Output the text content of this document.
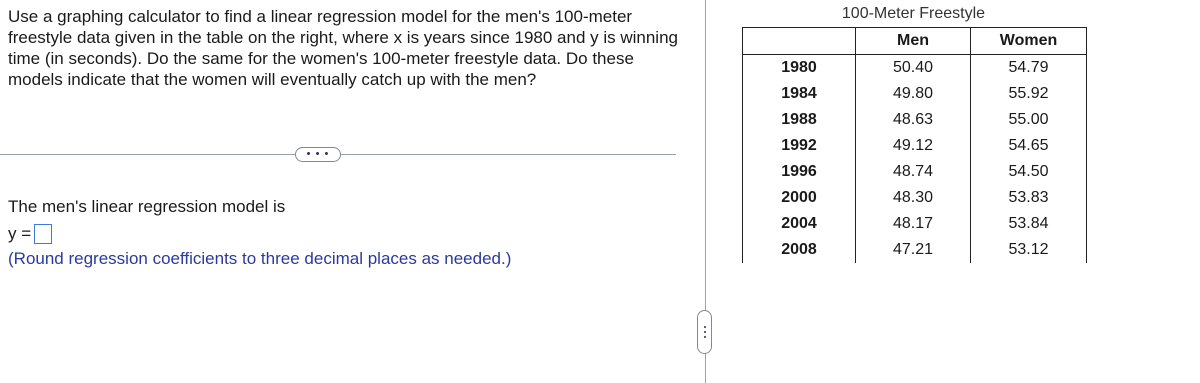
Use a graphing calculator to find a linear regression model for the men's 100-meter freestyle data given in the table on the right, where x is years since 1980 and y is winning time (in seconds). Do the same for the women's 100-meter freestyle data. Do these models indicate that the women will eventually catch up with the men?
• • •
The men's linear regression model is
y =
(Round regression coefficients to three decimal places as needed.)
100-Meter Freestyle
	Men	Women
1980	50.40	54.79
1984	49.80	55.92
1988	48.63	55.00
1992	49.12	54.65
1996	48.74	54.50
2000	48.30	53.83
2004	48.17	53.84
2008	47.21	53.12
